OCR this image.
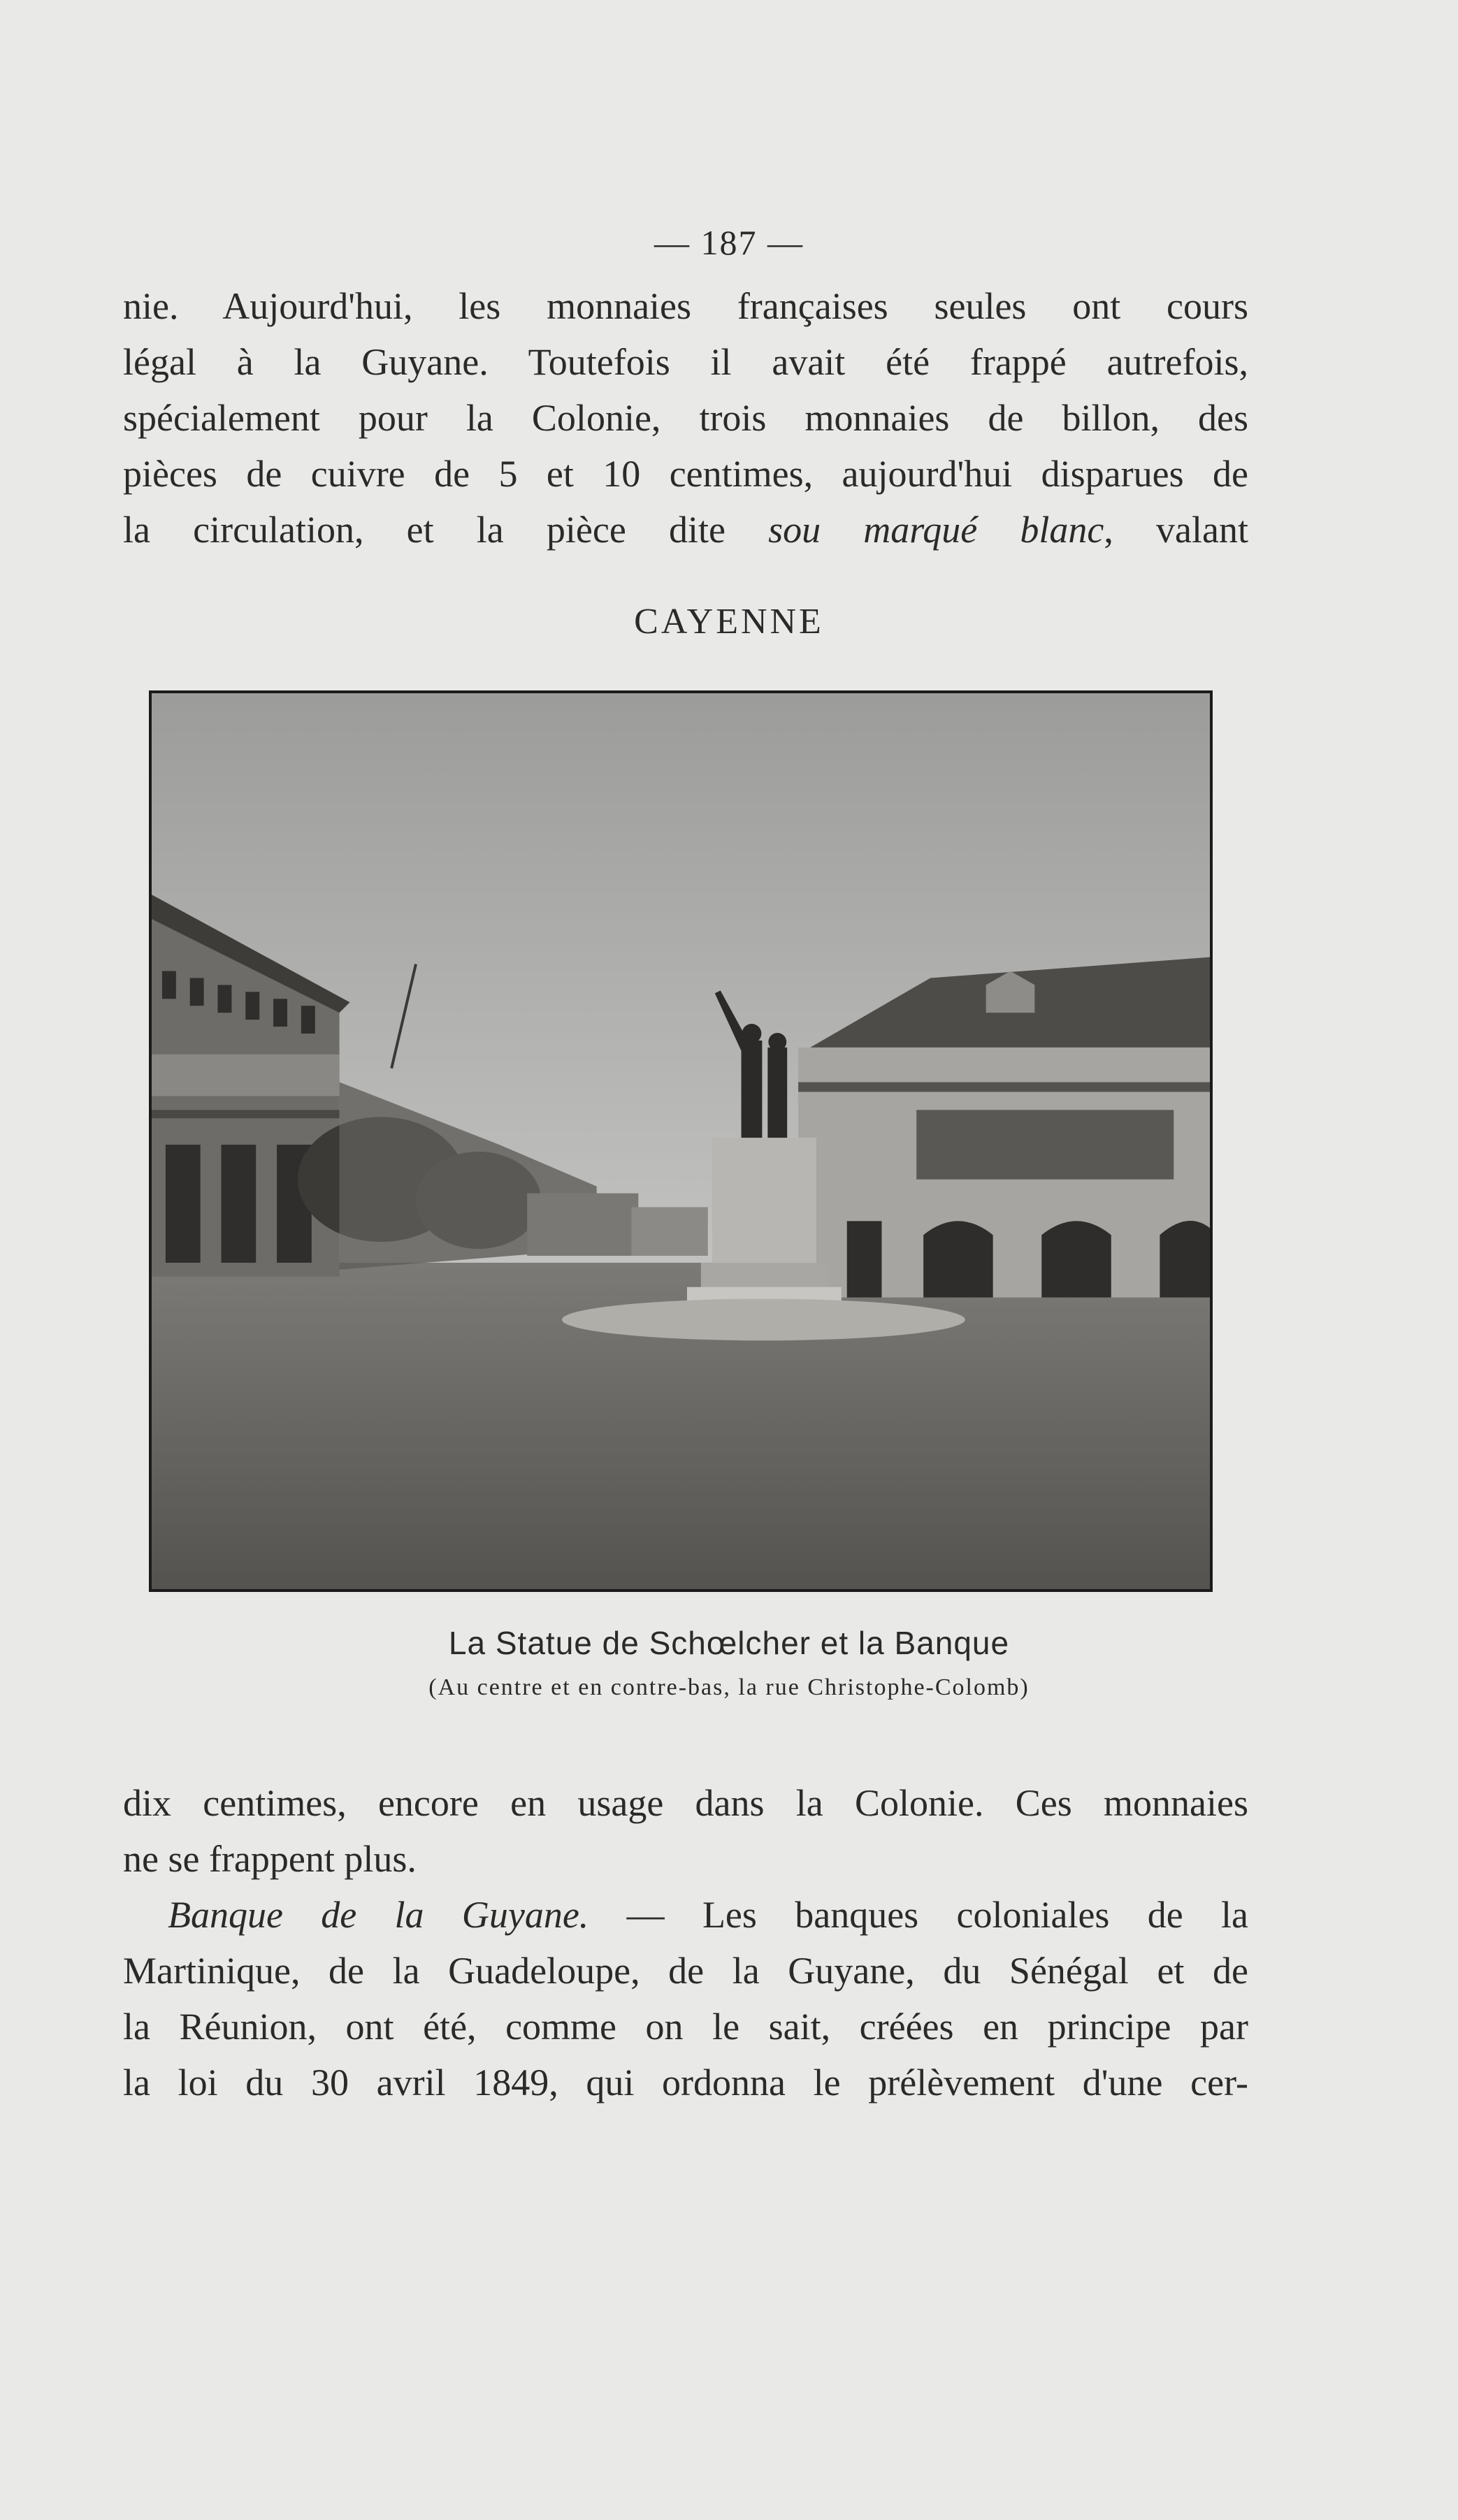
— 187 —
nie. Aujourd'hui, les monnaies françaises seules ont cours
légal à la Guyane. Toutefois il avait été frappé autrefois,
spécialement pour la Colonie, trois monnaies de billon, des
pièces de cuivre de 5 et 10 centimes, aujourd'hui disparues de
la circulation, et la pièce dite sou marqué blanc, valant
CAYENNE
La Statue de Schœlcher et la Banque
(Au centre et en contre-bas, la rue Christophe-Colomb)
dix centimes, encore en usage dans la Colonie. Ces monnaies
ne se frappent plus.
Banque de la Guyane. — Les banques coloniales de la
Martinique, de la Guadeloupe, de la Guyane, du Sénégal et de
la Réunion, ont été, comme on le sait, créées en principe par
la loi du 30 avril 1849, qui ordonna le prélèvement d'une cer-
